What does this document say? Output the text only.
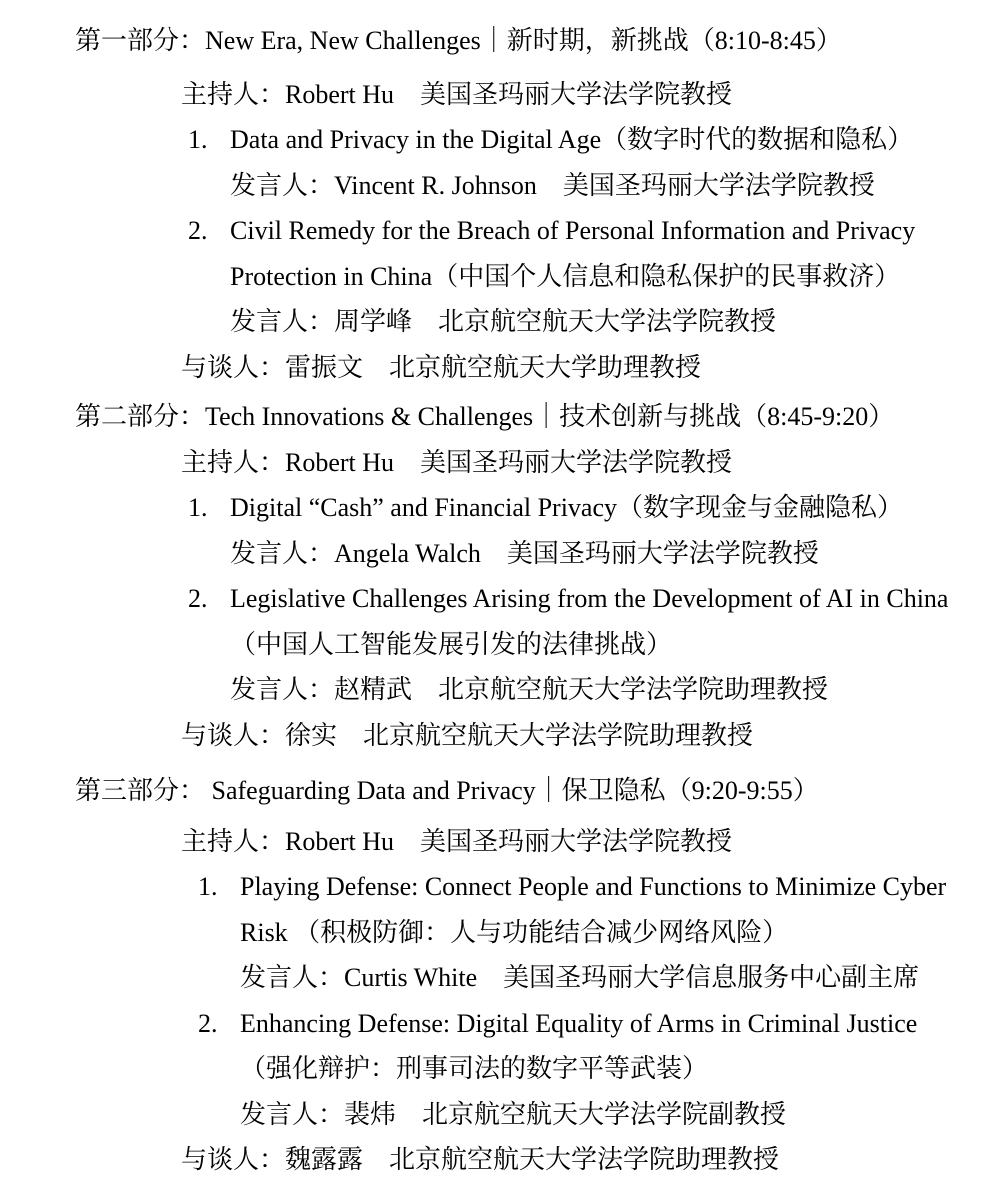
第一部分：New Era, New Challenges｜新时期，新挑战（8:10-8:45）
主持人：Robert Hu　美国圣玛丽大学法学院教授
1. Data and Privacy in the Digital Age（数字时代的数据和隐私）
发言人：Vincent R. Johnson　美国圣玛丽大学法学院教授
2. Civil Remedy for the Breach of Personal Information and Privacy
Protection in China（中国个人信息和隐私保护的民事救济）
发言人：周学峰　北京航空航天大学法学院教授
与谈人：雷振文　北京航空航天大学助理教授
第二部分：Tech Innovations & Challenges｜技术创新与挑战（8:45-9:20）
主持人：Robert Hu　美国圣玛丽大学法学院教授
1. Digital “Cash” and Financial Privacy（数字现金与金融隐私）
发言人：Angela Walch　美国圣玛丽大学法学院教授
2. Legislative Challenges Arising from the Development of AI in China
（中国人工智能发展引发的法律挑战）
发言人：赵精武　北京航空航天大学法学院助理教授
与谈人：徐实　北京航空航天大学法学院助理教授
第三部分： Safeguarding Data and Privacy｜保卫隐私（9:20-9:55）
主持人：Robert Hu　美国圣玛丽大学法学院教授
1. Playing Defense: Connect People and Functions to Minimize Cyber
Risk （积极防御：人与功能结合减少网络风险）
发言人：Curtis White　美国圣玛丽大学信息服务中心副主席
2. Enhancing Defense: Digital Equality of Arms in Criminal Justice
（强化辩护：刑事司法的数字平等武装）
发言人：裴炜　北京航空航天大学法学院副教授
与谈人：魏露露　北京航空航天大学法学院助理教授
